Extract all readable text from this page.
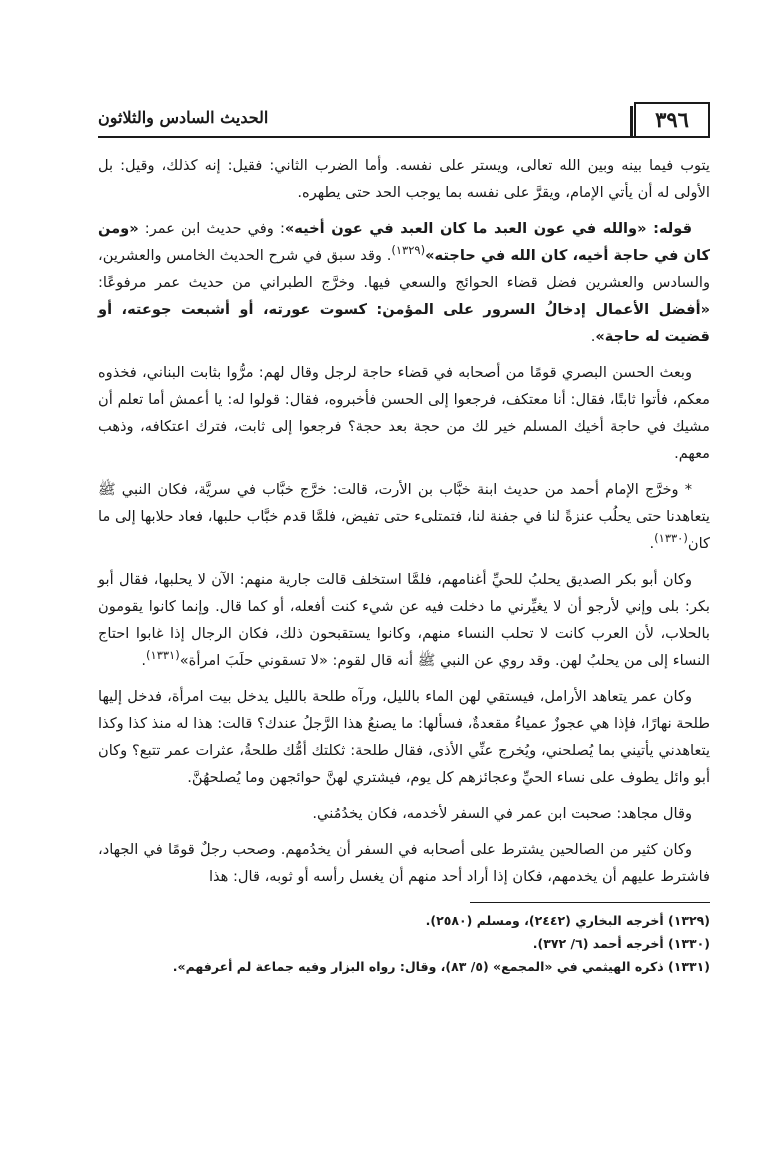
٣٩٦
الحديث السادس والثلاثون

يتوب فيما بينه وبين الله تعالى، ويستر على نفسه. وأما الضرب الثاني: فقيل: إنه كذلك، وقيل: بل الأولى له أن يأتي الإمام، ويقرَّ على نفسه بما يوجب الحد حتى يطهره.

قوله: «والله في عون العبد ما كان العبد في عون أخيه»: وفي حديث ابن عمر: «ومن كان في حاجة أخيه، كان الله في حاجته»$^{(١٣٢٩)}$. وقد سبق في شرح الحديث الخامس والعشرين، والسادس والعشرين فضل قضاء الحوائج والسعي فيها. وخرَّج الطبراني من حديث عمر مرفوعًا: «أفضل الأعمال إدخالُ السرور على المؤمن: كسوت عورته، أو أشبعت جوعته، أو قضيت له حاجة».

وبعث الحسن البصري قومًا من أصحابه في قضاء حاجة لرجل وقال لهم: مرُّوا بثابت البناني، فخذوه معكم، فأتوا ثابتًا، فقال: أنا معتكف، فرجعوا إلى الحسن فأخبروه، فقال: قولوا له: يا أعمش أما تعلم أن مشيك في حاجة أخيك المسلم خير لك من حجة بعد حجة؟ فرجعوا إلى ثابت، فترك اعتكافه، وذهب معهم.

* وخرَّج الإمام أحمد من حديث ابنة خبَّاب بن الأرت، قالت: خرَّج خبَّاب في سريَّة، فكان النبي ﷺ يتعاهدنا حتى يحلُب عنزةً لنا في جفنة لنا، فتمتلىء حتى تفيض، فلمَّا قدم خبَّاب حلبها، فعاد حلابها إلى ما كان$^{(١٣٣٠)}$.

وكان أبو بكر الصديق يحلبُ للحيِّ أغنامهم، فلمَّا استخلف قالت جارية منهم: الآن لا يحلبها، فقال أبو بكر: بلى وإني لأرجو أن لا يغيِّرني ما دخلت فيه عن شيء كنت أفعله، أو كما قال. وإنما كانوا يقومون بالحلاب، لأن العرب كانت لا تحلب النساء منهم، وكانوا يستقبحون ذلك، فكان الرجال إذا غابوا احتاج النساء إلى من يحلبُ لهن. وقد روي عن النبي ﷺ أنه قال لقوم: «لا تسقوني حلَبَ امرأة»$^{(١٣٣١)}$.

وكان عمر يتعاهد الأرامل، فيستقي لهن الماء بالليل، ورآه طلحة بالليل يدخل بيت امرأة، فدخل إليها طلحة نهارًا، فإذا هي عجوزٌ عمياءُ مقعدةٌ، فسألها: ما يصنعُ هذا الرَّجلُ عندك؟ قالت: هذا له منذ كذا وكذا يتعاهدني يأتيني بما يُصلحني، ويُخرج عنِّي الأذى، فقال طلحة: ثكلتك أمُّك طلحةُ، عثرات عمر تتبع؟ وكان أبو وائل يطوف على نساء الحيِّ وعجائزهم كل يوم، فيشتري لهنَّ حوائجهن وما يُصلحهُنَّ.

وقال مجاهد: صحبت ابن عمر في السفر لأخدمه، فكان يخدُمُني.

وكان كثير من الصالحين يشترط على أصحابه في السفر أن يخدُمهم. وصحب رجلٌ قومًا في الجهاد، فاشترط عليهم أن يخدمهم، فكان إذا أراد أحد منهم أن يغسل رأسه أو ثوبه، قال: هذا

(١٣٢٩) أخرجه البخاري (٢٤٤٢)، ومسلم (٢٥٨٠).
(١٣٣٠) أخرجه أحمد (٦/ ٣٧٢).
(١٣٣١) ذكره الهيثمي في «المجمع» (٥/ ٨٣)، وقال: رواه البزار وفيه جماعة لم أعرفهم».
